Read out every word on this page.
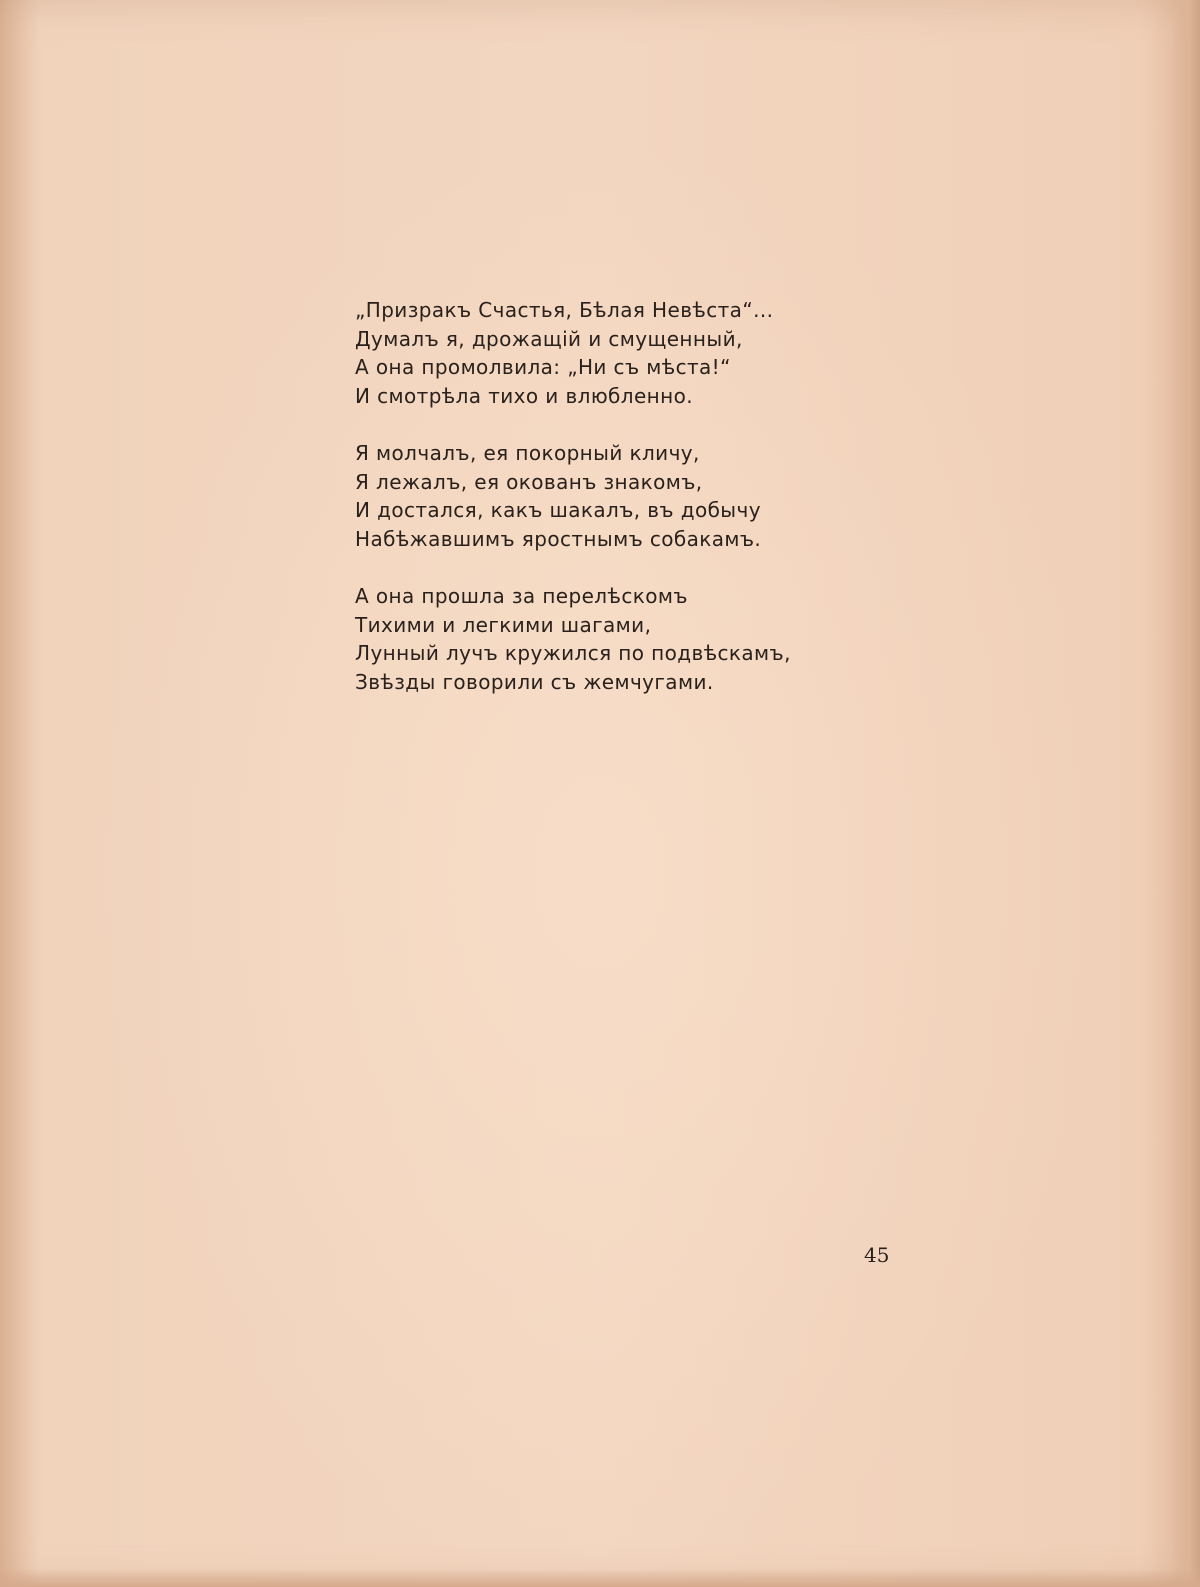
„Призракъ Счастья, Бѣлая Невѣста“...
Думалъ я, дрожащій и смущенный,
А она промолвила: „Ни съ мѣста!“
И смотрѣла тихо и влюбленно.
Я молчалъ, ея покорный кличу,
Я лежалъ, ея окованъ знакомъ,
И достался, какъ шакалъ, въ добычу
Набѣжавшимъ яростнымъ собакамъ.
А она прошла за перелѣскомъ
Тихими и легкими шагами,
Лунный лучъ кружился по подвѣскамъ,
Звѣзды говорили съ жемчугами.
45
